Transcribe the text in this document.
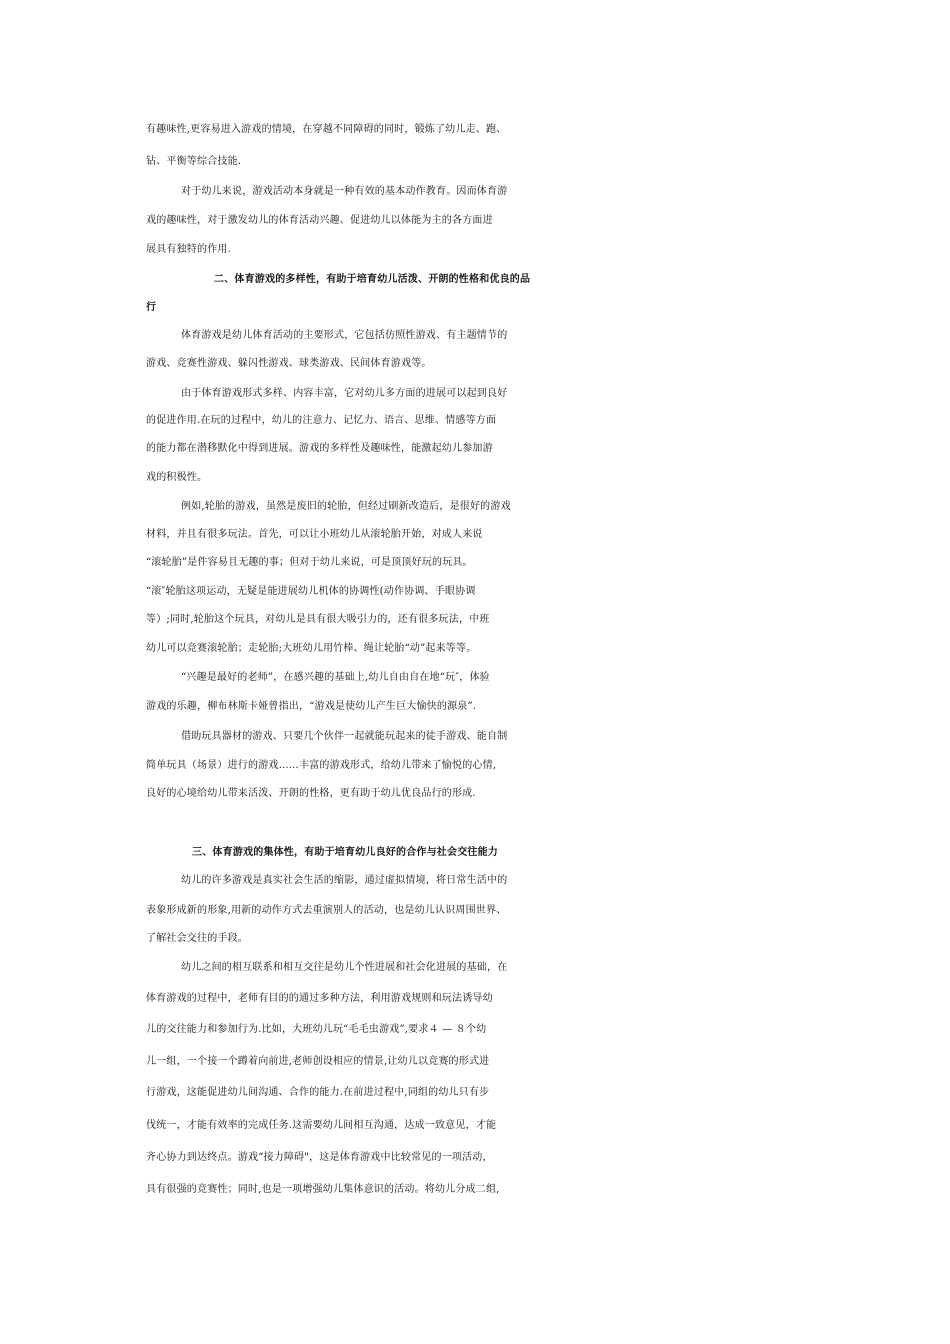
有趣味性,更容易进入游戏的情境，在穿越不同障碍的同时，锻炼了幼儿走、跑、
钻、平衡等综合技能.
对于幼儿来说，游戏活动本身就是一种有效的基本动作教育。因而体育游
戏的趣味性，对于激发幼儿的体育活动兴趣、促进幼儿以体能为主的各方面进
展具有独特的作用.
二、体育游戏的多样性，有助于培育幼儿活泼、开朗的性格和优良的品
行
体育游戏是幼儿体育活动的主要形式，它包括仿照性游戏、有主题情节的
游戏、竞赛性游戏、躲闪性游戏、球类游戏、民间体育游戏等。
由于体育游戏形式多样、内容丰富，它对幼儿多方面的进展可以起到良好
的促进作用.在玩的过程中，幼儿的注意力、记忆力、语言、思维、情感等方面
的能力都在潜移默化中得到进展。游戏的多样性及趣味性，能激起幼儿参加游
戏的积极性。
例如,轮胎的游戏，虽然是废旧的轮胎，但经过刷新改造后，是很好的游戏
材料，并且有很多玩法。首先，可以让小班幼儿从滚轮胎开始，对成人来说
“滚轮胎”是件容易且无趣的事；但对于幼儿来说，可是顶顶好玩的玩具。
“滚″轮胎这项运动，无疑是能进展幼儿机体的协调性(动作协调、手眼协调
等）;同时,轮胎这个玩具，对幼儿是具有很大吸引力的，还有很多玩法，中班
幼儿可以竞赛滚轮胎；走轮胎;大班幼儿用竹棒、绳让轮胎“动”起来等等。
“兴趣是最好的老师”，在感兴趣的基础上,幼儿自由自在地“玩″，体验
游戏的乐趣，柳布林斯卡娅曾指出，“游戏是使幼儿产生巨大愉快的源泉”.
借助玩具器材的游戏、只要几个伙伴一起就能玩起来的徒手游戏、能自制
简单玩具（场景）进行的游戏……丰富的游戏形式，给幼儿带来了愉悦的心情,
良好的心境给幼儿带来活泼、开朗的性格，更有助于幼儿优良品行的形成.
三、体育游戏的集体性，有助于培育幼儿良好的合作与社会交往能力
幼儿的许多游戏是真实社会生活的缩影，通过虚拟情境，将日常生活中的
表象形成新的形象,用新的动作方式去重演别人的活动，也是幼儿认识周围世界、
了解社会交往的手段。
幼儿之间的相互联系和相互交往是幼儿个性进展和社会化进展的基础，在
体育游戏的过程中，老师有目的的通过多种方法，利用游戏规则和玩法诱导幼
儿的交往能力和参加行为.比如，大班幼儿玩“毛毛虫游戏”,要求４ — ８个幼
儿一组，一个接一个蹲着向前进,老师创设相应的情景,让幼儿以竞赛的形式进
行游戏，这能促进幼儿间沟通、合作的能力.在前进过程中,同组的幼儿只有步
伐统一，才能有效率的完成任务.这需要幼儿间相互沟通，达成一致意见，才能
齐心协力到达终点。游戏“接力障碍"，这是体育游戏中比较常见的一项活动，
具有很强的竞赛性；同时,也是一项增强幼儿集体意识的活动。将幼儿分成二组,
